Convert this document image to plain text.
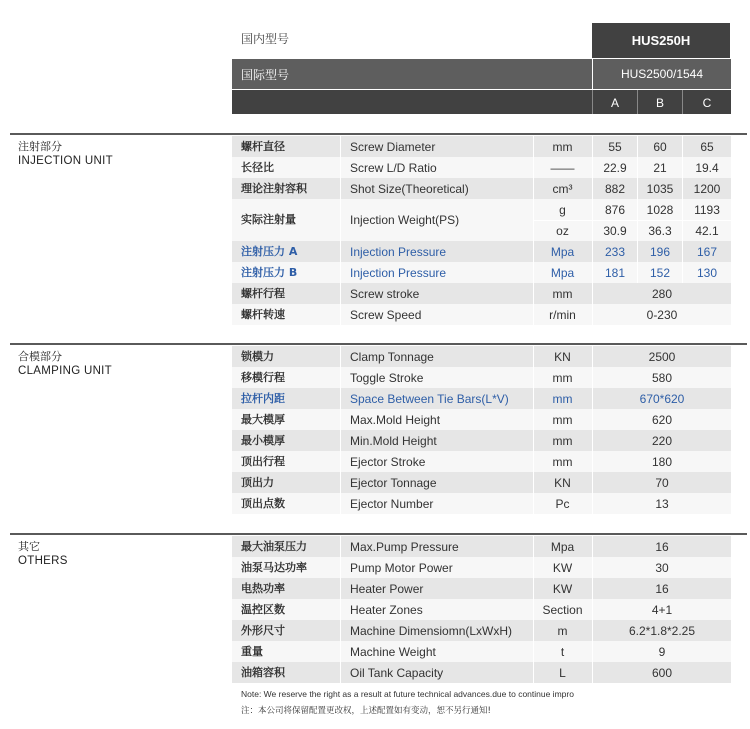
国内型号	HUS250H
国际型号	HUS2500/1544
A	B	C
注射部分
INJECTION UNIT
合模部分
CLAMPING UNIT
其它
OTHERS
螺杆直径	Screw Diameter	mm	55	60	65
长径比	Screw L/D Ratio	——	22.9	21	19.4
理论注射容积	Shot Size(Theoretical)	cm³	882	1035	1200
实际注射量	Injection Weight(PS)
g	876	1028	1193
oz	30.9	36.3	42.1
注射压力 A	Injection Pressure	Mpa	233	196	167
注射压力 B	Injection Pressure	Mpa	181	152	130
螺杆行程	Screw stroke	mm	280
螺杆转速	Screw Speed	r/min	0-230
锁模力	Clamp Tonnage	KN	2500
移模行程	Toggle Stroke	mm	580
拉杆内距	Space Between Tie Bars(L*V)	mm	670*620
最大模厚	Max.Mold Height	mm	620
最小模厚	Min.Mold Height	mm	220
顶出行程	Ejector Stroke	mm	180
顶出力	Ejector Tonnage	KN	70
顶出点数	Ejector Number	Pc	13
最大油泵压力	Max.Pump Pressure	Mpa	16
油泵马达功率	Pump Motor Power	KW	30
电热功率	Heater Power	KW	16
温控区数	Heater Zones	Section	4+1
外形尺寸	Machine Dimensiomn(LxWxH)	m	6.2*1.8*2.25
重量	Machine Weight	t	9
油箱容积	Oil Tank Capacity	L	600
Note: We reserve the right as a result at future technical advances.due to continue impro
注：本公司将保留配置更改权，上述配置如有变动，恕不另行通知!
